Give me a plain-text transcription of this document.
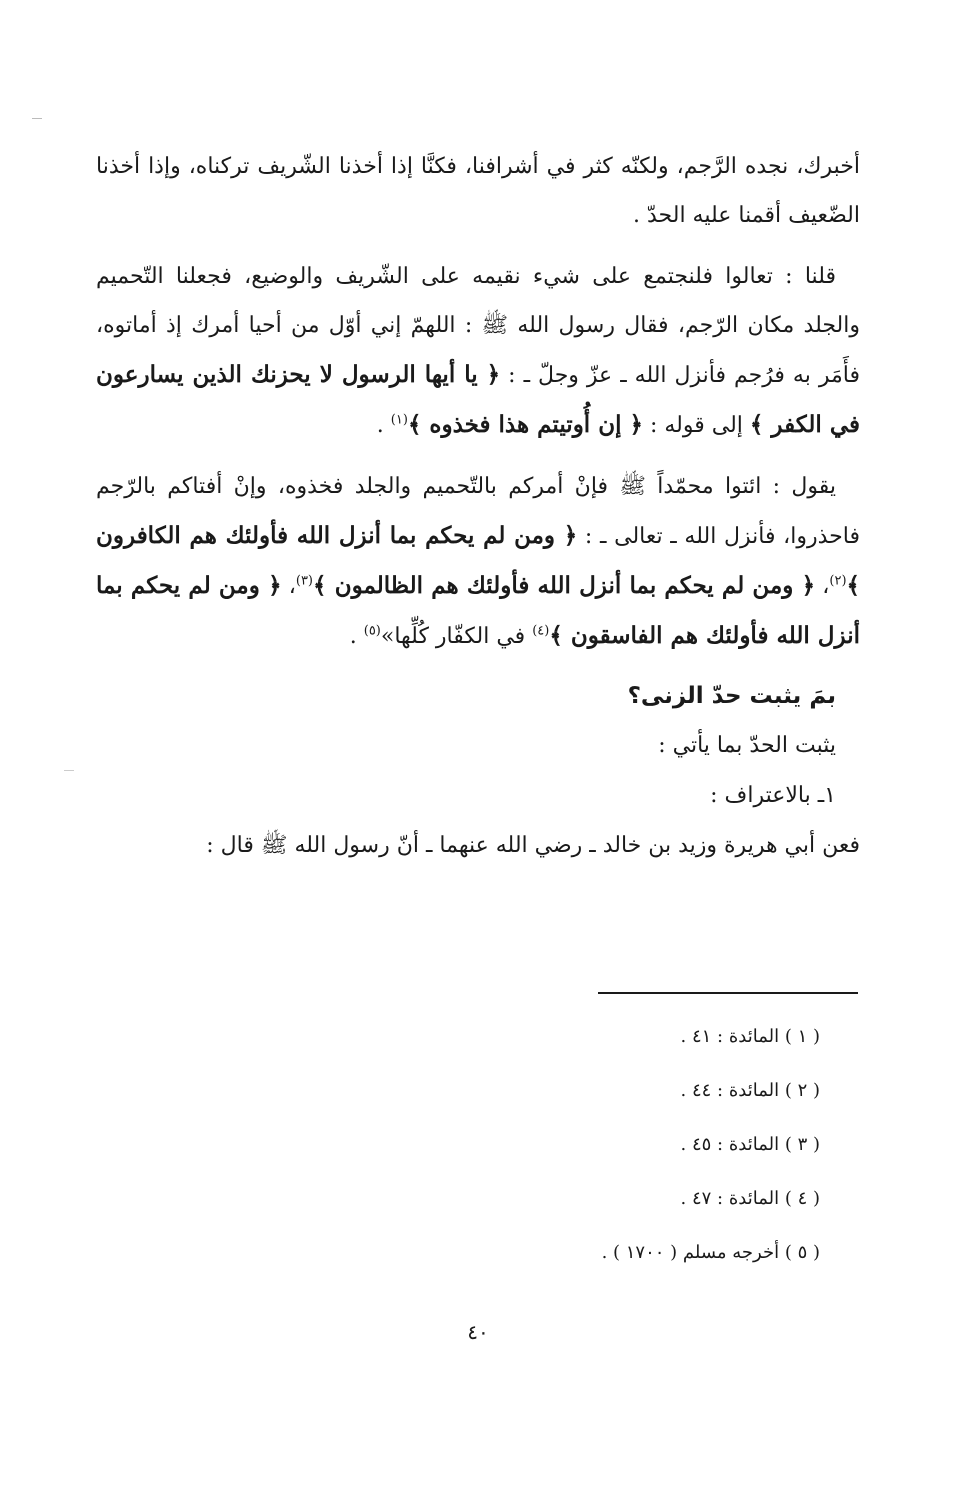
أخبرك، نجده الرَّجم، ولكنّه كثر في أشرافنا، فكنَّا إذا أخذنا الشّريف تركناه، وإذا أخذنا الضّعيف أقمنا عليه الحدّ .

قلنا : تعالوا فلنجتمع على شيء نقيمه على الشّريف والوضيع، فجعلنا التّحميم والجلد مكان الرّجم، فقال رسول الله ﷺ : اللهمّ إني أوّل من أحيا أمرك إذ أماتوه، فأَمَر به فرُجم فأنزل الله ـ عزّ وجلّ ـ : ﴿ يا أيها الرسول لا يحزنك الذين يسارعون في الكفر ﴾ إلى قوله : ﴿ إن أُوتيتم هذا فخذوه ﴾$^{(١)}$ .

يقول : ائتوا محمّداً ﷺ فإنْ أمركم بالتّحميم والجلد فخذوه، وإنْ أفتاكم بالرّجم فاحذروا، فأنزل الله ـ تعالى ـ : ﴿ ومن لم يحكم بما أنزل الله فأولئك هم الكافرون ﴾$^{(٢)}$، ﴿ ومن لم يحكم بما أنزل الله فأولئك هم الظالمون ﴾$^{(٣)}$، ﴿ ومن لم يحكم بما أنزل الله فأولئك هم الفاسقون ﴾$^{(٤)}$ في الكفّار كُلِّها»$^{(٥)}$ .

بمَ يثبت حدّ الزنى؟
يثبت الحدّ بما يأتي :
١ـ بالاعتراف :
فعن أبي هريرة وزيد بن خالد ـ رضي الله عنهما ـ أنّ رسول الله ﷺ قال :

( ١ ) المائدة : ٤١ .

( ٢ ) المائدة : ٤٤ .

( ٣ ) المائدة : ٤٥ .

( ٤ ) المائدة : ٤٧ .

( ٥ ) أخرجه مسلم ( ١٧٠٠ ) .

٤٠
